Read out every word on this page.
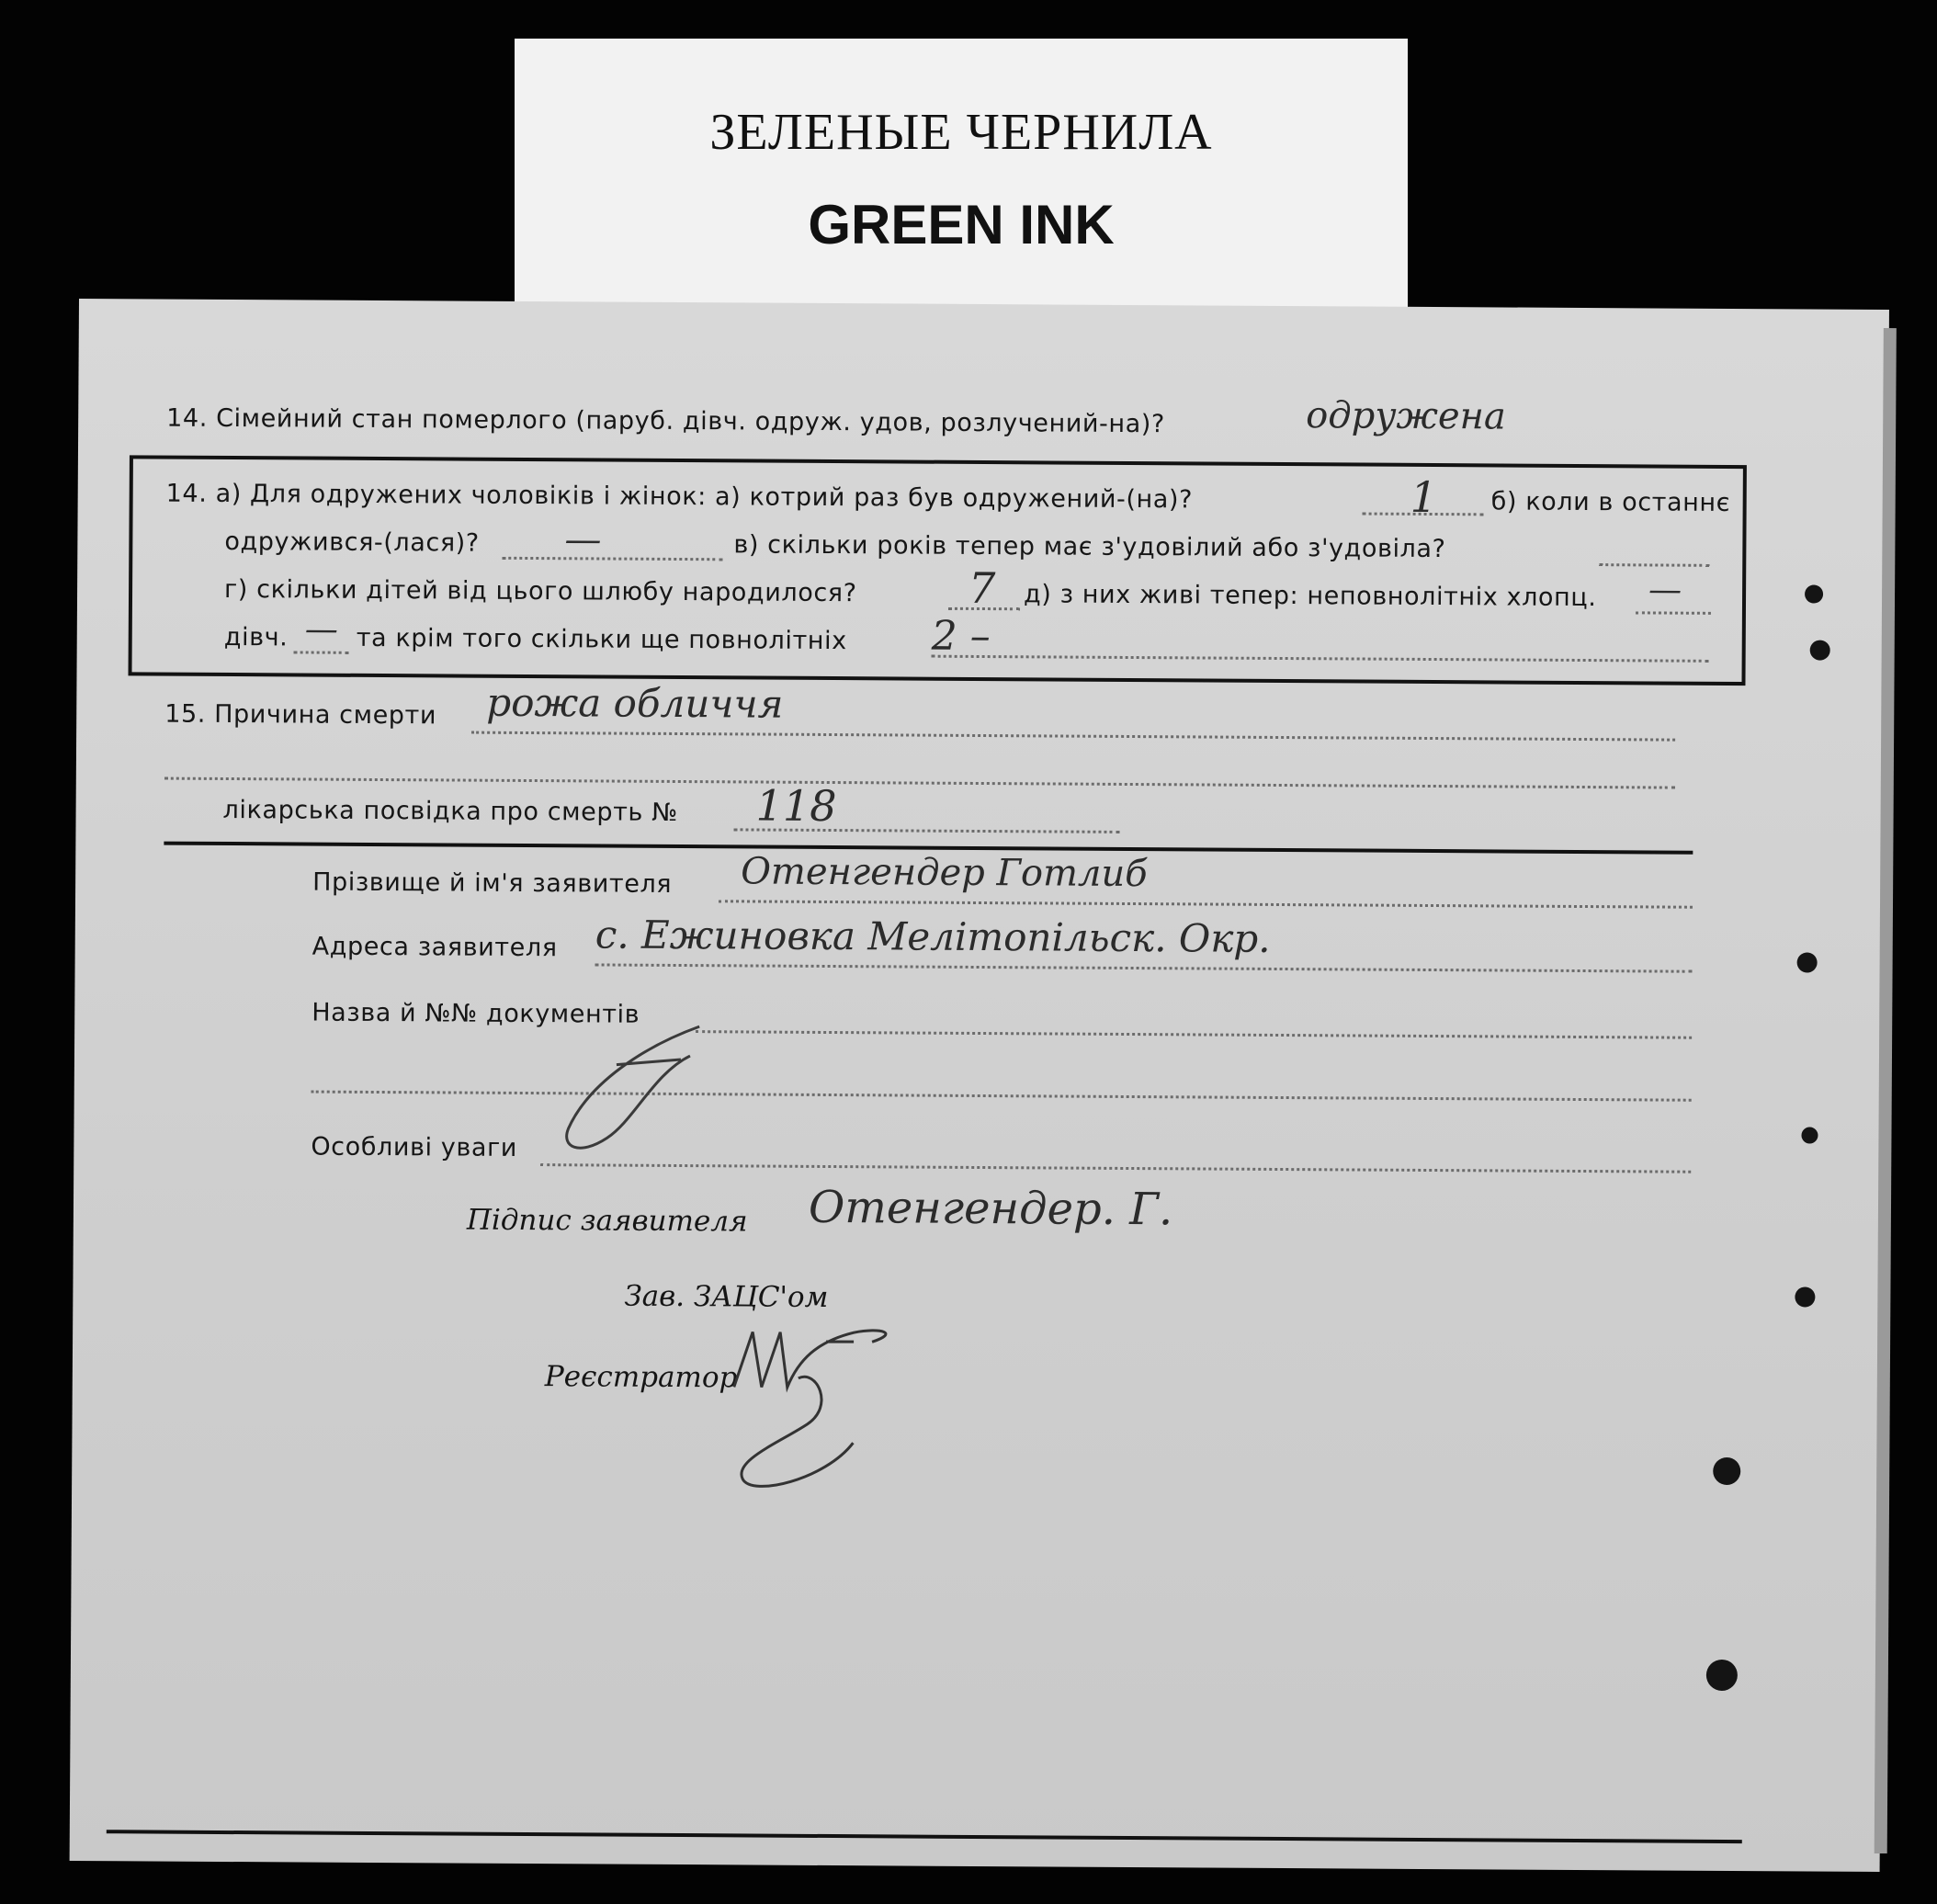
ЗЕЛЕНЫЕ ЧЕРНИЛА
GREEN INK
14. Сімейний стан померлого (паруб. дівч. одруж. удов, розлучений-на)?	одружена
14. а) Для одружених чоловіків і жінок: а) котрий раз був одружений-(на)?	1 б) коли в останнє
одружився-(лася)? —	в) скільки років тепер має з'удовілий або з'удовіла?
г) скільки дітей від цього шлюбу народилося?	7 д) з них живі тепер: неповнолітніх хлопц. —
дівч. — та крім того скільки ще повнолітніх 2 –
15. Причина смерти рожа обличчя
лікарська посвідка про смерть № 118
Прізвище й ім'я заявителя Отенгендер Готлиб
Адреса заявителя с. Ежиновка Мелітопільск. Окр.
Назва й №№ документів
Особливі уваги
Підпис заявителя Отенгендер. Г.
Зав. ЗАЦС'ом
Реєстратор
